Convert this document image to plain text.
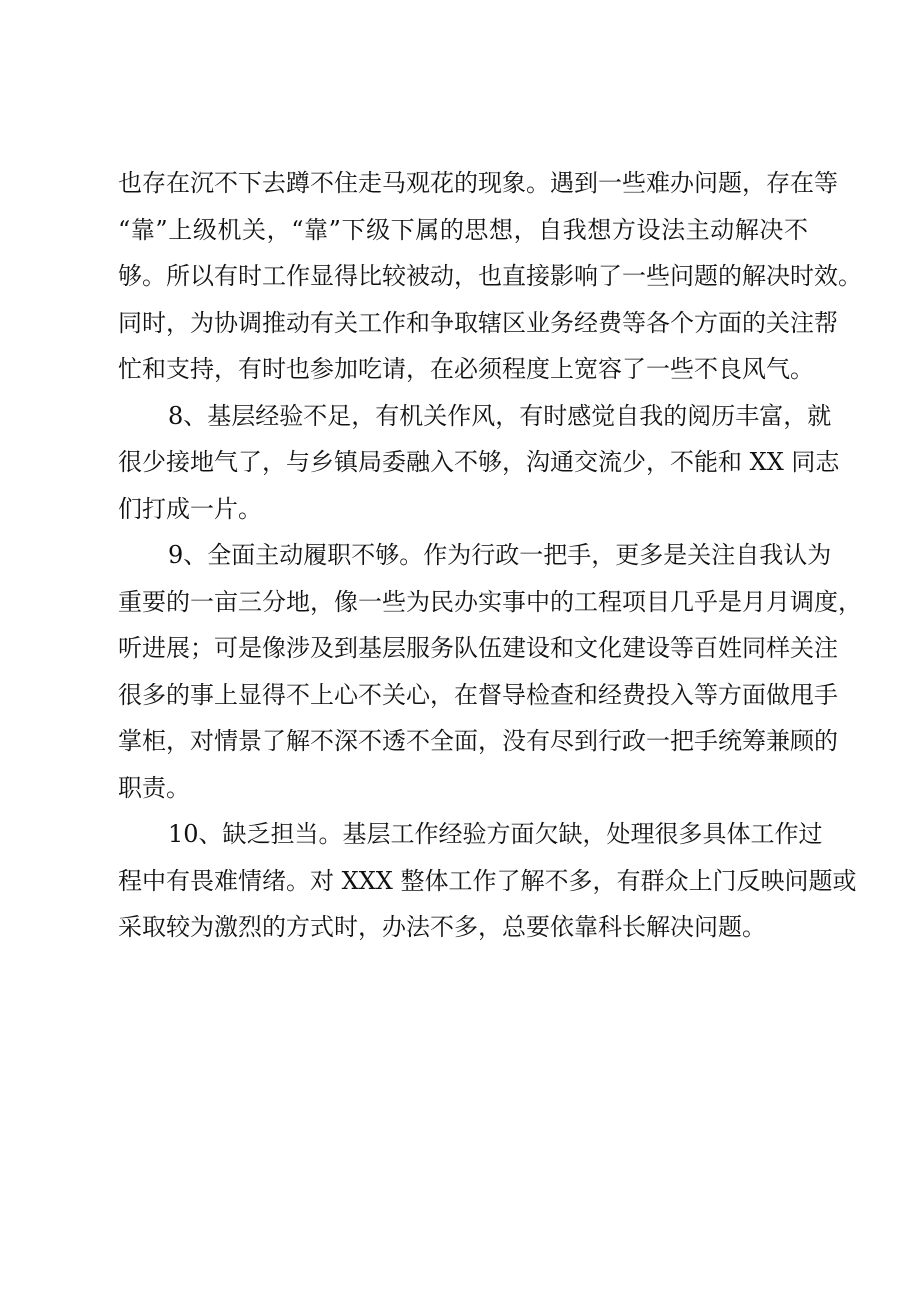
也存在沉不下去蹲不住走马观花的现象。遇到一些难办问题，存在等
“靠”上级机关，“靠”下级下属的思想，自我想方设法主动解决不
够。所以有时工作显得比较被动，也直接影响了一些问题的解决时效。
同时，为协调推动有关工作和争取辖区业务经费等各个方面的关注帮
忙和支持，有时也参加吃请，在必须程度上宽容了一些不良风气。
8、基层经验不足，有机关作风，有时感觉自我的阅历丰富，就
很少接地气了，与乡镇局委融入不够，沟通交流少，不能和 XX 同志
们打成一片。
9、全面主动履职不够。作为行政一把手，更多是关注自我认为
重要的一亩三分地，像一些为民办实事中的工程项目几乎是月月调度，
听进展；可是像涉及到基层服务队伍建设和文化建设等百姓同样关注
很多的事上显得不上心不关心，在督导检查和经费投入等方面做甩手
掌柜，对情景了解不深不透不全面，没有尽到行政一把手统筹兼顾的
职责。
10、缺乏担当。基层工作经验方面欠缺，处理很多具体工作过
程中有畏难情绪。对 XXX 整体工作了解不多，有群众上门反映问题或
采取较为激烈的方式时，办法不多，总要依靠科长解决问题。
